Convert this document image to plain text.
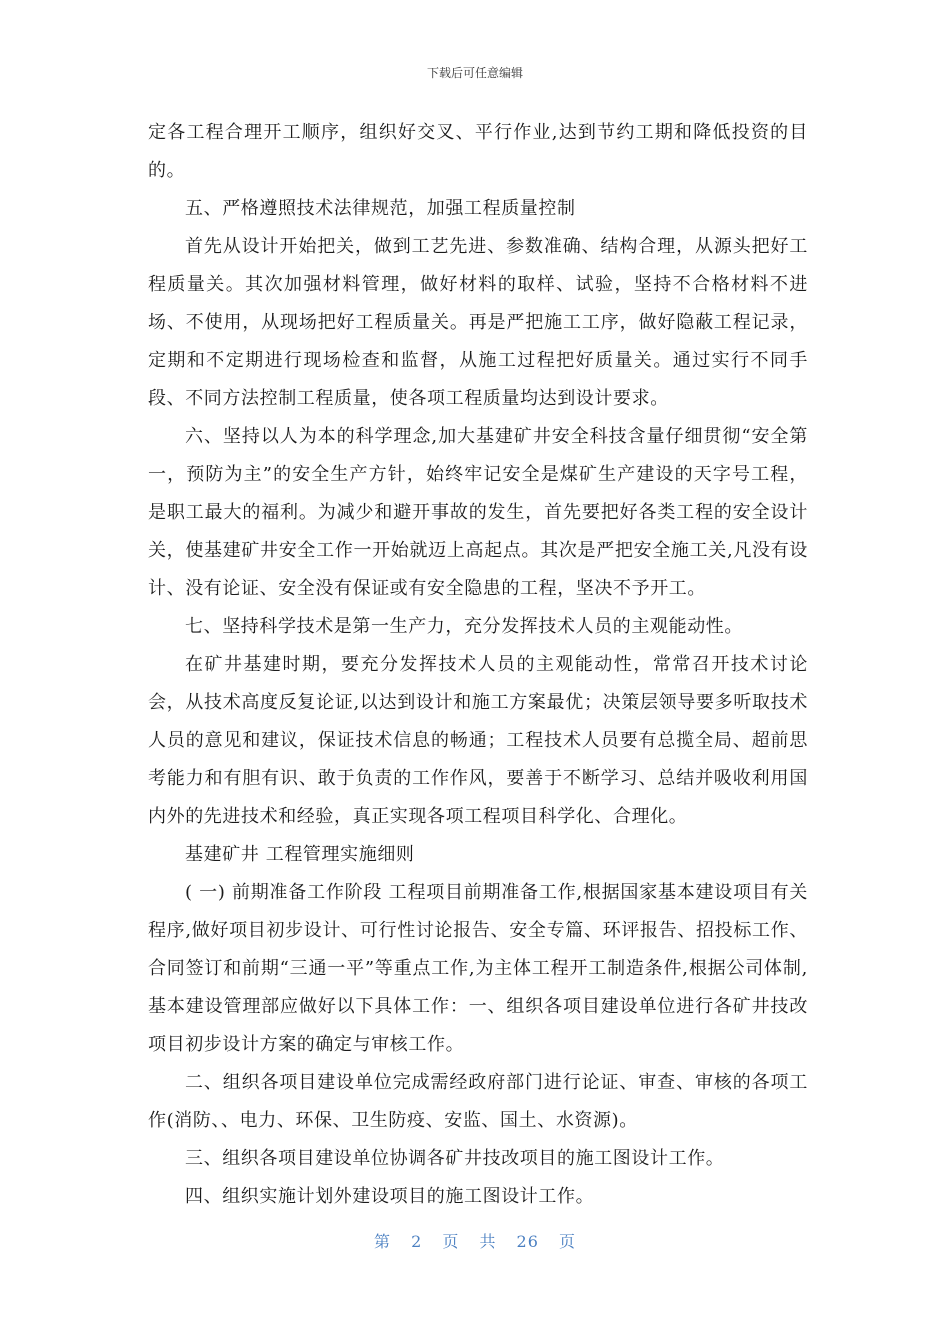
下载后可任意编辑

定各工程合理开工顺序，组织好交叉、平行作业,达到节约工期和降低投资的目的。

五、严格遵照技术法律规范，加强工程质量控制

首先从设计开始把关，做到工艺先进、参数准确、结构合理，从源头把好工程质量关。其次加强材料管理，做好材料的取样、试验，坚持不合格材料不进场、不使用，从现场把好工程质量关。再是严把施工工序，做好隐蔽工程记录，定期和不定期进行现场检查和监督，从施工过程把好质量关。通过实行不同手段、不同方法控制工程质量，使各项工程质量均达到设计要求。

六、坚持以人为本的科学理念,加大基建矿井安全科技含量仔细贯彻“安全第一，预防为主”的安全生产方针，始终牢记安全是煤矿生产建设的天字号工程，是职工最大的福利。为减少和避开事故的发生，首先要把好各类工程的安全设计关，使基建矿井安全工作一开始就迈上高起点。其次是严把安全施工关,凡没有设计、没有论证、安全没有保证或有安全隐患的工程，坚决不予开工。

七、坚持科学技术是第一生产力，充分发挥技术人员的主观能动性。

在矿井基建时期，要充分发挥技术人员的主观能动性，常常召开技术讨论会，从技术高度反复论证,以达到设计和施工方案最优；决策层领导要多听取技术人员的意见和建议，保证技术信息的畅通；工程技术人员要有总揽全局、超前思考能力和有胆有识、敢于负责的工作作风，要善于不断学习、总结并吸收利用国内外的先进技术和经验，真正实现各项工程项目科学化、合理化。

基建矿井 工程管理实施细则

( 一) 前期准备工作阶段 工程项目前期准备工作,根据国家基本建设项目有关程序,做好项目初步设计、可行性讨论报告、安全专篇、环评报告、招投标工作、合同签订和前期“三通一平”等重点工作,为主体工程开工制造条件,根据公司体制,基本建设管理部应做好以下具体工作：一、组织各项目建设单位进行各矿井技改项目初步设计方案的确定与审核工作。

二、组织各项目建设单位完成需经政府部门进行论证、审查、审核的各项工作(消防、、电力、环保、卫生防疫、安监、国土、水资源)。

三、组织各项目建设单位协调各矿井技改项目的施工图设计工作。

四、组织实施计划外建设项目的施工图设计工作。

第 2 页 共 26 页
